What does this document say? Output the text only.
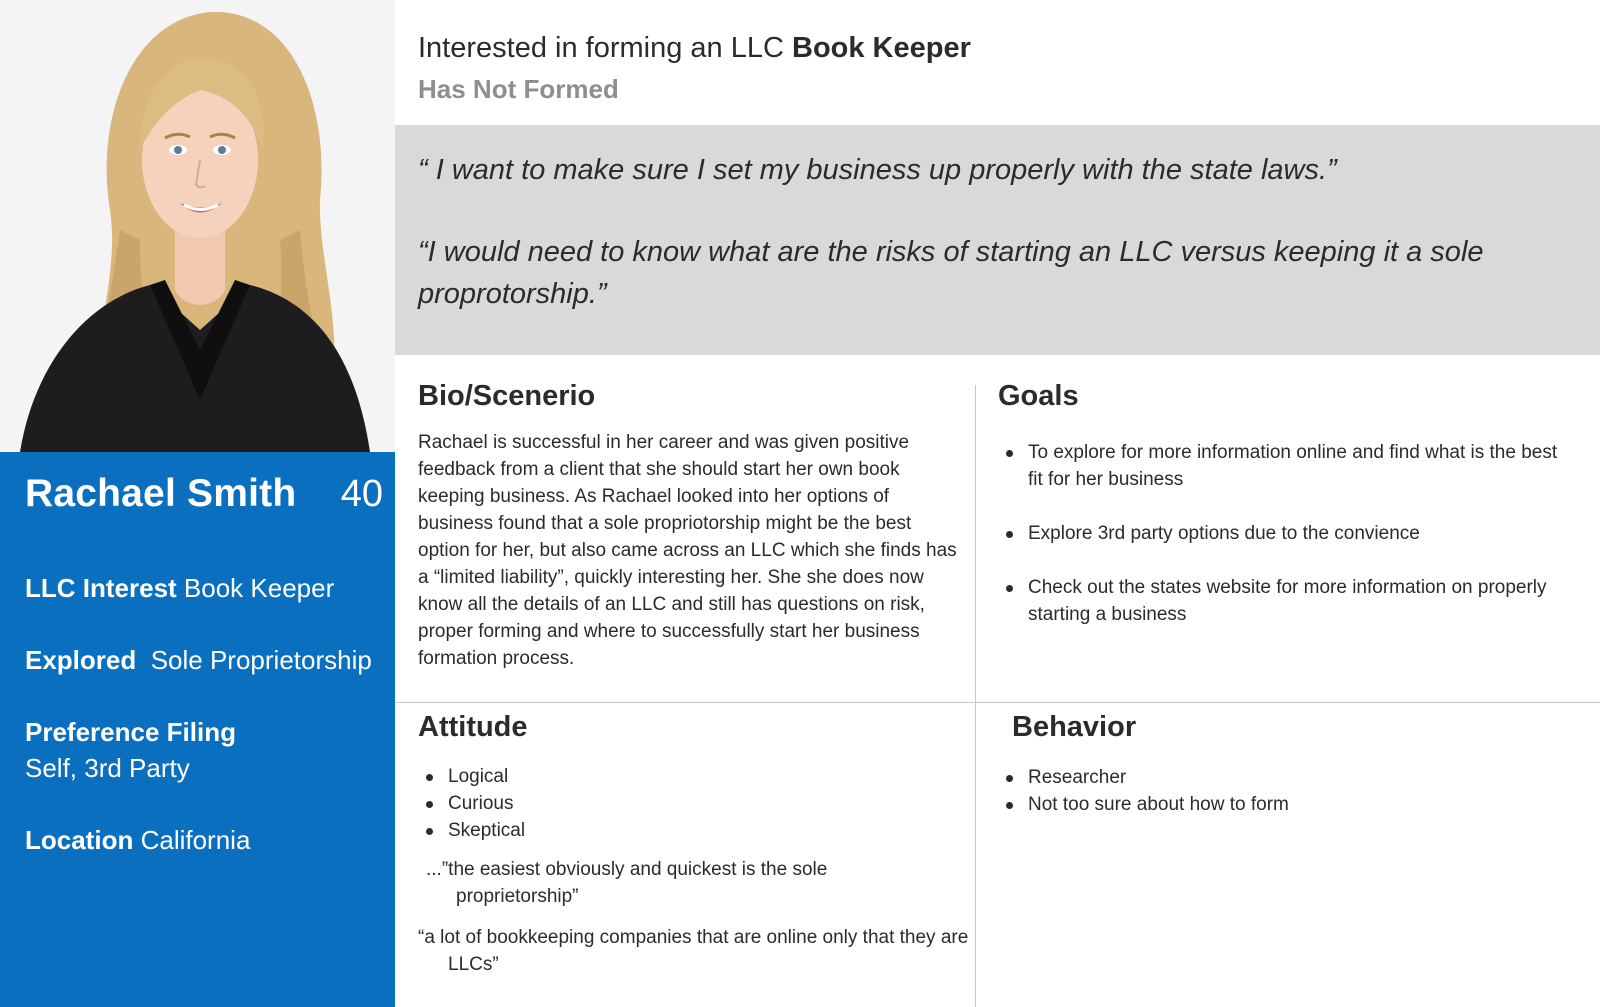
Rachael Smith 40
LLC Interest Book Keeper
Explored Sole Proprietorship
Preference Filing
Self, 3rd Party
Location California
Interested in forming an LLC Book Keeper
Has Not Formed
“ I want to make sure I set my business up properly with the state laws.”
“I would need to know what are the risks of starting an LLC versus keeping it a sole proprotorship.”
Bio/Scenerio
Rachael is successful in her career and was given positive feedback from a client that she should start her own book keeping business. As Rachael looked into her options of business found that a sole propriotorship might be the best option for her, but also came across an LLC which she finds has a “limited liability”, quickly interesting her. She she does now know all the details of an LLC and still has questions on risk, proper forming and where to successfully start her business formation process.
Goals
To explore for more information online and find what is the best fit for her business
Explore 3rd party options due to the convience
Check out the states website for more information on properly starting a business
Attitude
Logical
Curious
Skeptical
...”the easiest obviously and quickest is the sole proprietorship”
“a lot of bookkeeping companies that are online only that they are LLCs”
Behavior
Researcher
Not too sure about how to form
